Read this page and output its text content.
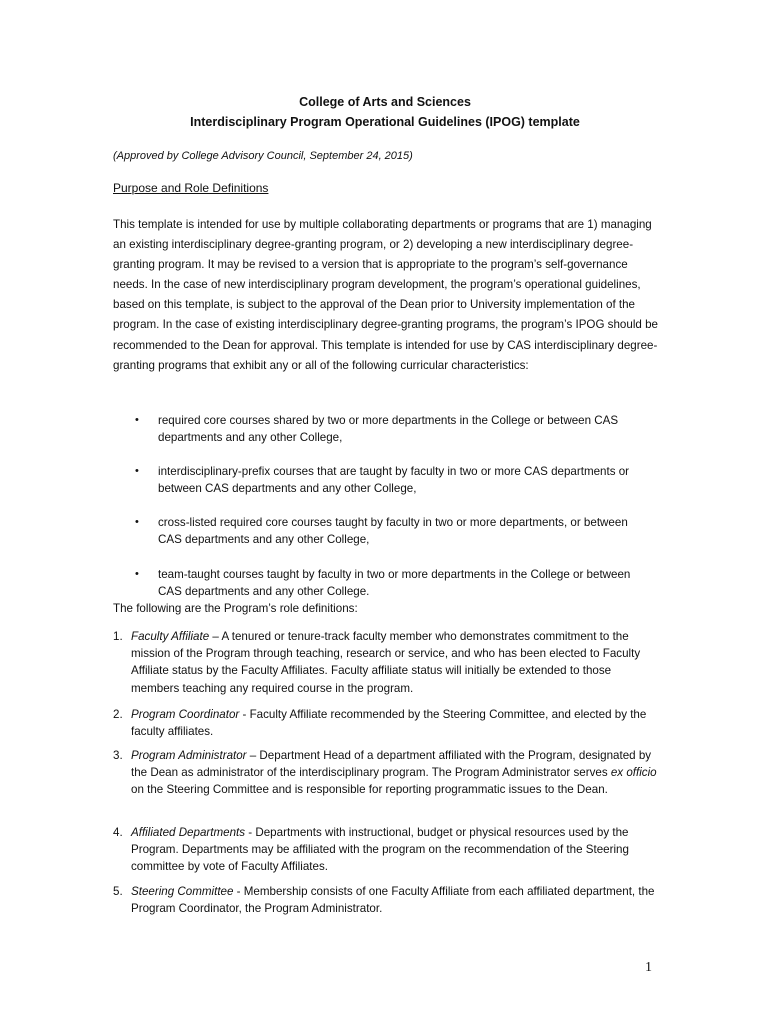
College of Arts and Sciences
Interdisciplinary Program Operational Guidelines (IPOG) template
(Approved by College Advisory Council, September 24, 2015)
Purpose and Role Definitions

This template is intended for use by multiple collaborating departments or programs that are 1) managing an existing interdisciplinary degree-granting program, or 2) developing a new interdisciplinary degree-granting program. It may be revised to a version that is appropriate to the program’s self-governance needs. In the case of new interdisciplinary program development, the program’s operational guidelines, based on this template, is subject to the approval of the Dean prior to University implementation of the program. In the case of existing interdisciplinary degree-granting programs, the program’s IPOG should be recommended to the Dean for approval. This template is intended for use by CAS interdisciplinary degree-granting programs that exhibit any or all of the following curricular characteristics:

• required core courses shared by two or more departments in the College or between CAS departments and any other College,
• interdisciplinary-prefix courses that are taught by faculty in two or more CAS departments or between CAS departments and any other College,
• cross-listed required core courses taught by faculty in two or more departments, or between CAS departments and any other College,
• team-taught courses taught by faculty in two or more departments in the College or between CAS departments and any other College.
The following are the Program’s role definitions:
1. Faculty Affiliate – A tenured or tenure-track faculty member who demonstrates commitment to the mission of the Program through teaching, research or service, and who has been elected to Faculty Affiliate status by the Faculty Affiliates. Faculty affiliate status will initially be extended to those members teaching any required course in the program.
2. Program Coordinator - Faculty Affiliate recommended by the Steering Committee, and elected by the faculty affiliates.
3. Program Administrator – Department Head of a department affiliated with the Program, designated by the Dean as administrator of the interdisciplinary program. The Program Administrator serves ex officio on the Steering Committee and is responsible for reporting programmatic issues to the Dean.
4. Affiliated Departments - Departments with instructional, budget or physical resources used by the Program. Departments may be affiliated with the program on the recommendation of the Steering committee by vote of Faculty Affiliates.
5. Steering Committee - Membership consists of one Faculty Affiliate from each affiliated department, the Program Coordinator, the Program Administrator.
1
